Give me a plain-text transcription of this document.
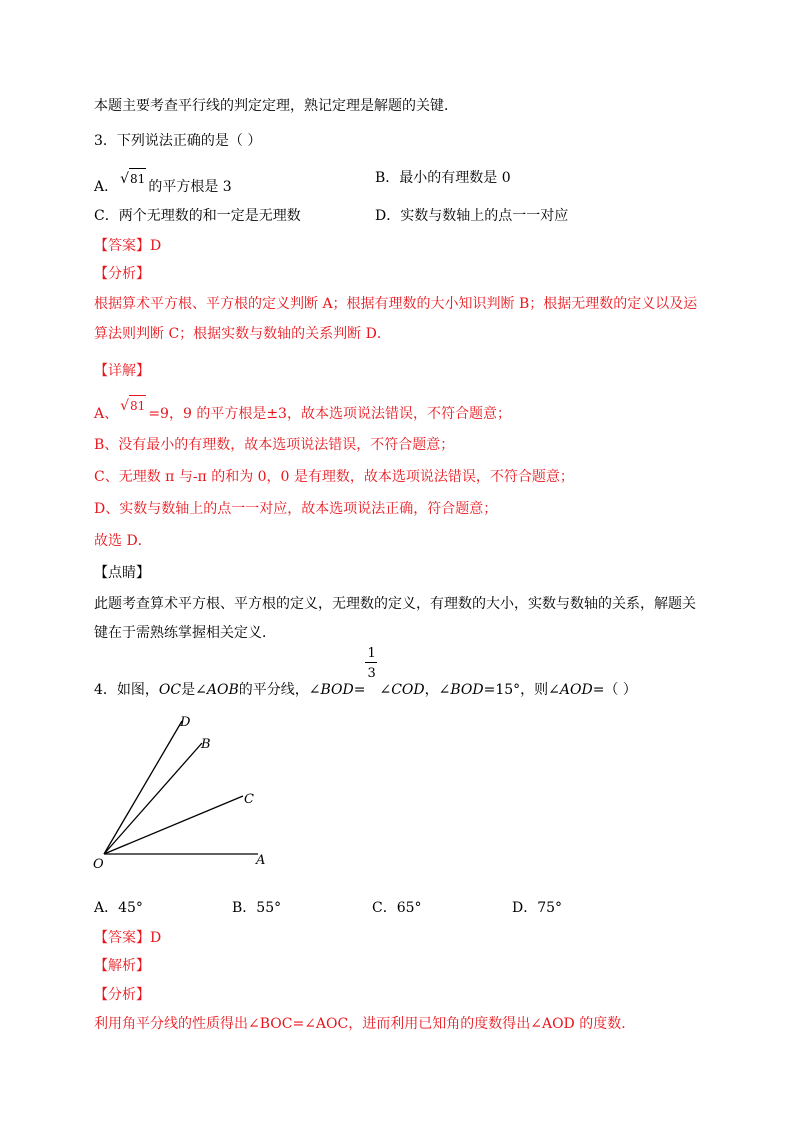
本题主要考查平行线的判定定理，熟记定理是解题的关键．
3．下列说法正确的是（ ）
A． √81 的平方根是 3
B．最小的有理数是 0
C．两个无理数的和一定是无理数	D．实数与数轴上的点一一对应
【答案】D
【分析】
根据算术平方根、平方根的定义判断 A；根据有理数的大小知识判断 B；根据无理数的定义以及运
算法则判断 C；根据实数与数轴的关系判断 D．
【详解】
A、 √81 =9，9 的平方根是±3，故本选项说法错误，不符合题意；
B、没有最小的有理数，故本选项说法错误，不符合题意；
C、无理数 π 与-π 的和为 0，0 是有理数，故本选项说法错误，不符合题意；
D、实数与数轴上的点一一对应，故本选项说法正确，符合题意；
故选 D．
【点睛】
此题考查算术平方根、平方根的定义，无理数的定义，有理数的大小，实数与数轴的关系，解题关
键在于需熟练掌握相关定义．
4．如图，OC是∠AOB的平分线，∠BOD= $\frac{1}{3}$ ∠COD，∠BOD=15°，则∠AOD=（ ）
D
B
C
O	A
A．45°	B．55°	C．65°	D．75°
【答案】D
【解析】
【分析】
利用角平分线的性质得出∠BOC=∠AOC，进而利用已知角的度数得出∠AOD 的度数．
